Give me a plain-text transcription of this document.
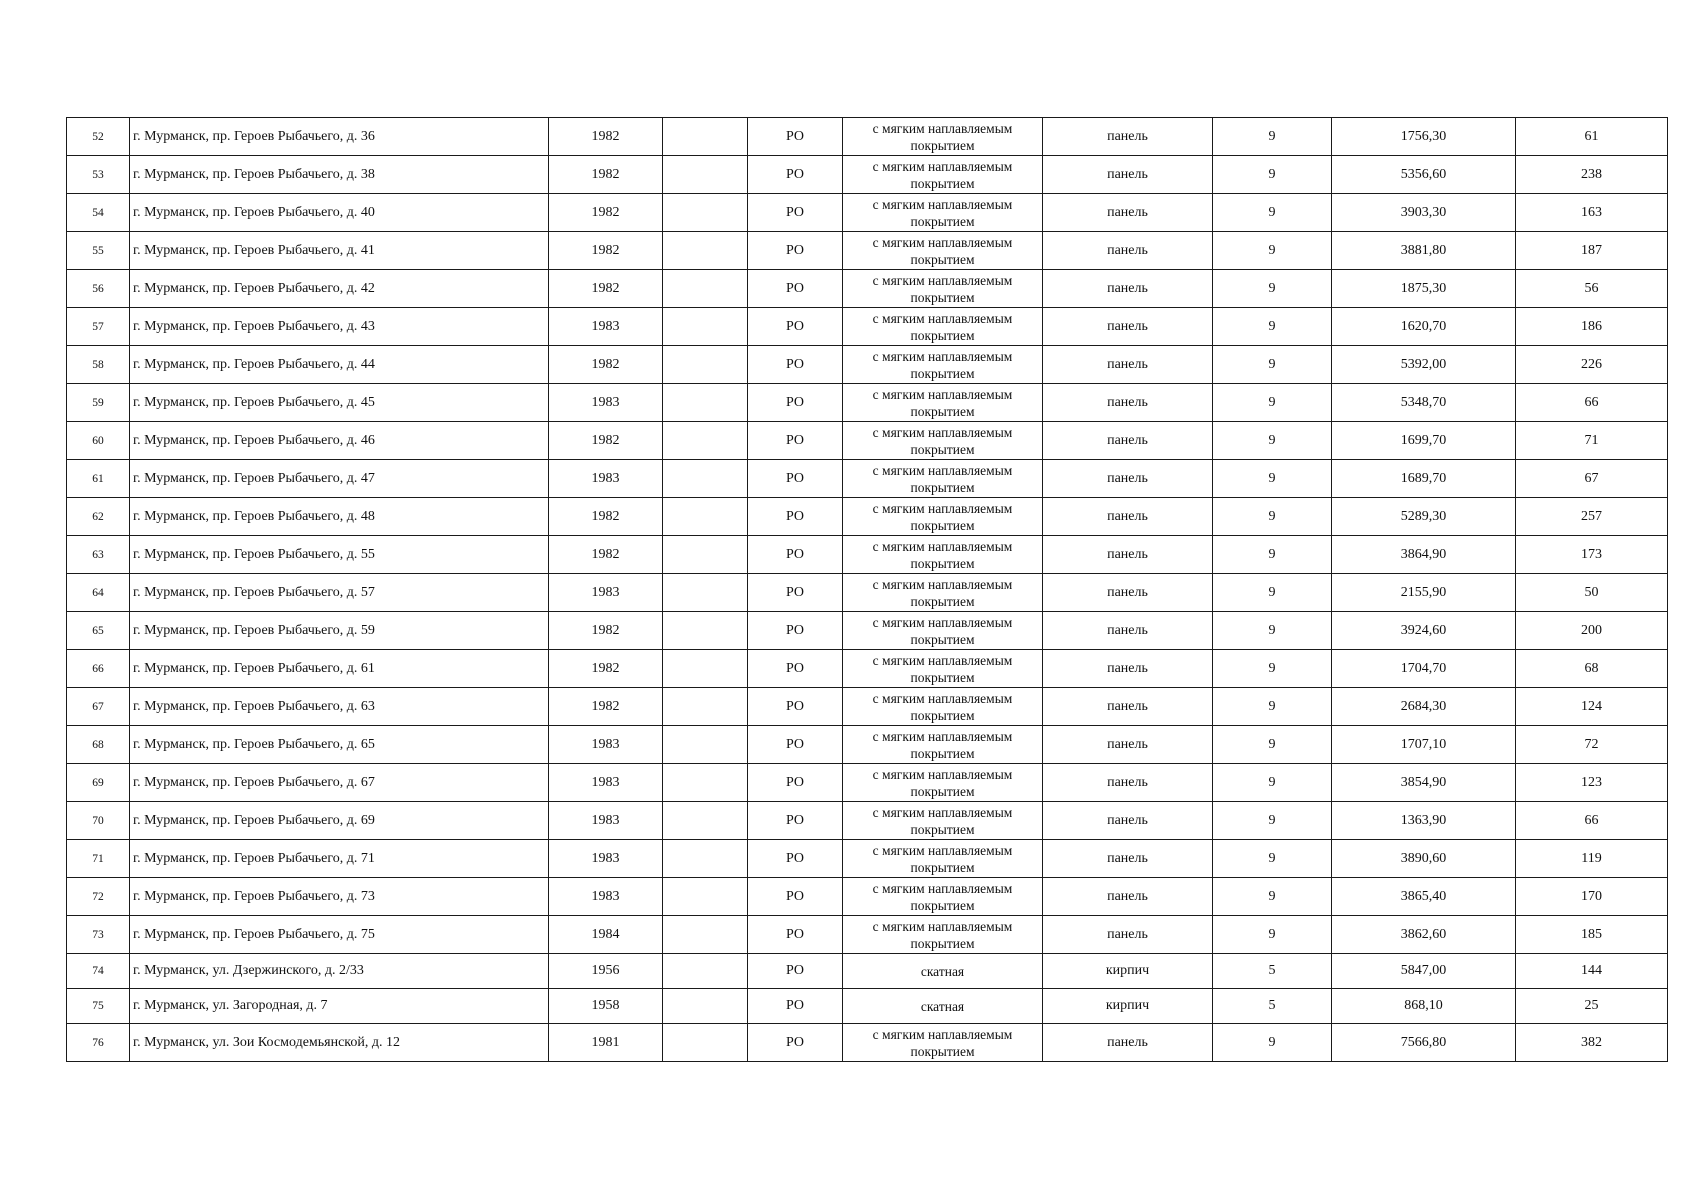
52	г. Мурманск, пр. Героев Рыбачьего, д. 36	1982		РО	с мягким наплавляемым покрытием	панель	9	1756,30	61
53	г. Мурманск, пр. Героев Рыбачьего, д. 38	1982		РО	с мягким наплавляемым покрытием	панель	9	5356,60	238
54	г. Мурманск, пр. Героев Рыбачьего, д. 40	1982		РО	с мягким наплавляемым покрытием	панель	9	3903,30	163
55	г. Мурманск, пр. Героев Рыбачьего, д. 41	1982		РО	с мягким наплавляемым покрытием	панель	9	3881,80	187
56	г. Мурманск, пр. Героев Рыбачьего, д. 42	1982		РО	с мягким наплавляемым покрытием	панель	9	1875,30	56
57	г. Мурманск, пр. Героев Рыбачьего, д. 43	1983		РО	с мягким наплавляемым покрытием	панель	9	1620,70	186
58	г. Мурманск, пр. Героев Рыбачьего, д. 44	1982		РО	с мягким наплавляемым покрытием	панель	9	5392,00	226
59	г. Мурманск, пр. Героев Рыбачьего, д. 45	1983		РО	с мягким наплавляемым покрытием	панель	9	5348,70	66
60	г. Мурманск, пр. Героев Рыбачьего, д. 46	1982		РО	с мягким наплавляемым покрытием	панель	9	1699,70	71
61	г. Мурманск, пр. Героев Рыбачьего, д. 47	1983		РО	с мягким наплавляемым покрытием	панель	9	1689,70	67
62	г. Мурманск, пр. Героев Рыбачьего, д. 48	1982		РО	с мягким наплавляемым покрытием	панель	9	5289,30	257
63	г. Мурманск, пр. Героев Рыбачьего, д. 55	1982		РО	с мягким наплавляемым покрытием	панель	9	3864,90	173
64	г. Мурманск, пр. Героев Рыбачьего, д. 57	1983		РО	с мягким наплавляемым покрытием	панель	9	2155,90	50
65	г. Мурманск, пр. Героев Рыбачьего, д. 59	1982		РО	с мягким наплавляемым покрытием	панель	9	3924,60	200
66	г. Мурманск, пр. Героев Рыбачьего, д. 61	1982		РО	с мягким наплавляемым покрытием	панель	9	1704,70	68
67	г. Мурманск, пр. Героев Рыбачьего, д. 63	1982		РО	с мягким наплавляемым покрытием	панель	9	2684,30	124
68	г. Мурманск, пр. Героев Рыбачьего, д. 65	1983		РО	с мягким наплавляемым покрытием	панель	9	1707,10	72
69	г. Мурманск, пр. Героев Рыбачьего, д. 67	1983		РО	с мягким наплавляемым покрытием	панель	9	3854,90	123
70	г. Мурманск, пр. Героев Рыбачьего, д. 69	1983		РО	с мягким наплавляемым покрытием	панель	9	1363,90	66
71	г. Мурманск, пр. Героев Рыбачьего, д. 71	1983		РО	с мягким наплавляемым покрытием	панель	9	3890,60	119
72	г. Мурманск, пр. Героев Рыбачьего, д. 73	1983		РО	с мягким наплавляемым покрытием	панель	9	3865,40	170
73	г. Мурманск, пр. Героев Рыбачьего, д. 75	1984		РО	с мягким наплавляемым покрытием	панель	9	3862,60	185
74	г. Мурманск, ул. Дзержинского, д. 2/33	1956		РО	скатная	кирпич	5	5847,00	144
75	г. Мурманск, ул. Загородная, д. 7	1958		РО	скатная	кирпич	5	868,10	25
76	г. Мурманск, ул. Зои Космодемьянской, д. 12	1981		РО	с мягким наплавляемым покрытием	панель	9	7566,80	382
